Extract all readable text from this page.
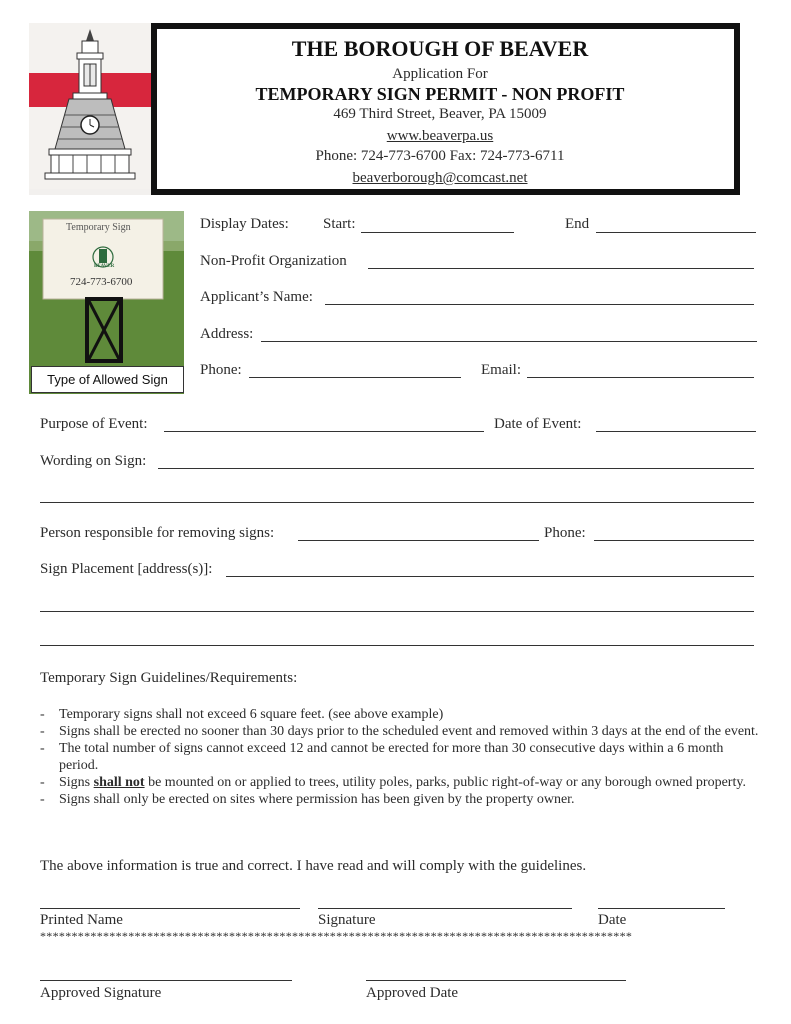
THE BOROUGH OF BEAVER
Application For
TEMPORARY SIGN PERMIT - NON PROFIT
469 Third Street, Beaver, PA 15009
www.beaverpa.us
Phone: 724-773-6700 Fax: 724-773-6711
beaverborough@comcast.net
Temporary Sign
BEAVER
724-773-6700
Type of Allowed Sign
Display Dates: Start:	End
Non-Profit Organization
Applicant’s Name:
Address:
Phone:	Email:
Purpose of Event:	Date of Event:
Wording on Sign:
Person responsible for removing signs:	Phone:
Sign Placement [address(s)]:
Temporary Sign Guidelines/Requirements:

- Temporary signs shall not exceed 6 square feet. (see above example)

- Signs shall be erected no sooner than 30 days prior to the scheduled event and removed within 3 days at the end of the event.

- The total number of signs cannot exceed 12 and cannot be erected for more than 30 consecutive days within a 6 month period.

- Signs shall not be mounted on or applied to trees, utility poles, parks, public right-of-way or any borough owned property.

- Signs shall only be erected on sites where permission has been given by the property owner.

The above information is true and correct. I have read and will comply with the guidelines.
Printed Name	Signature	Date
**********************************************************************************************
Approved Signature	Approved Date
